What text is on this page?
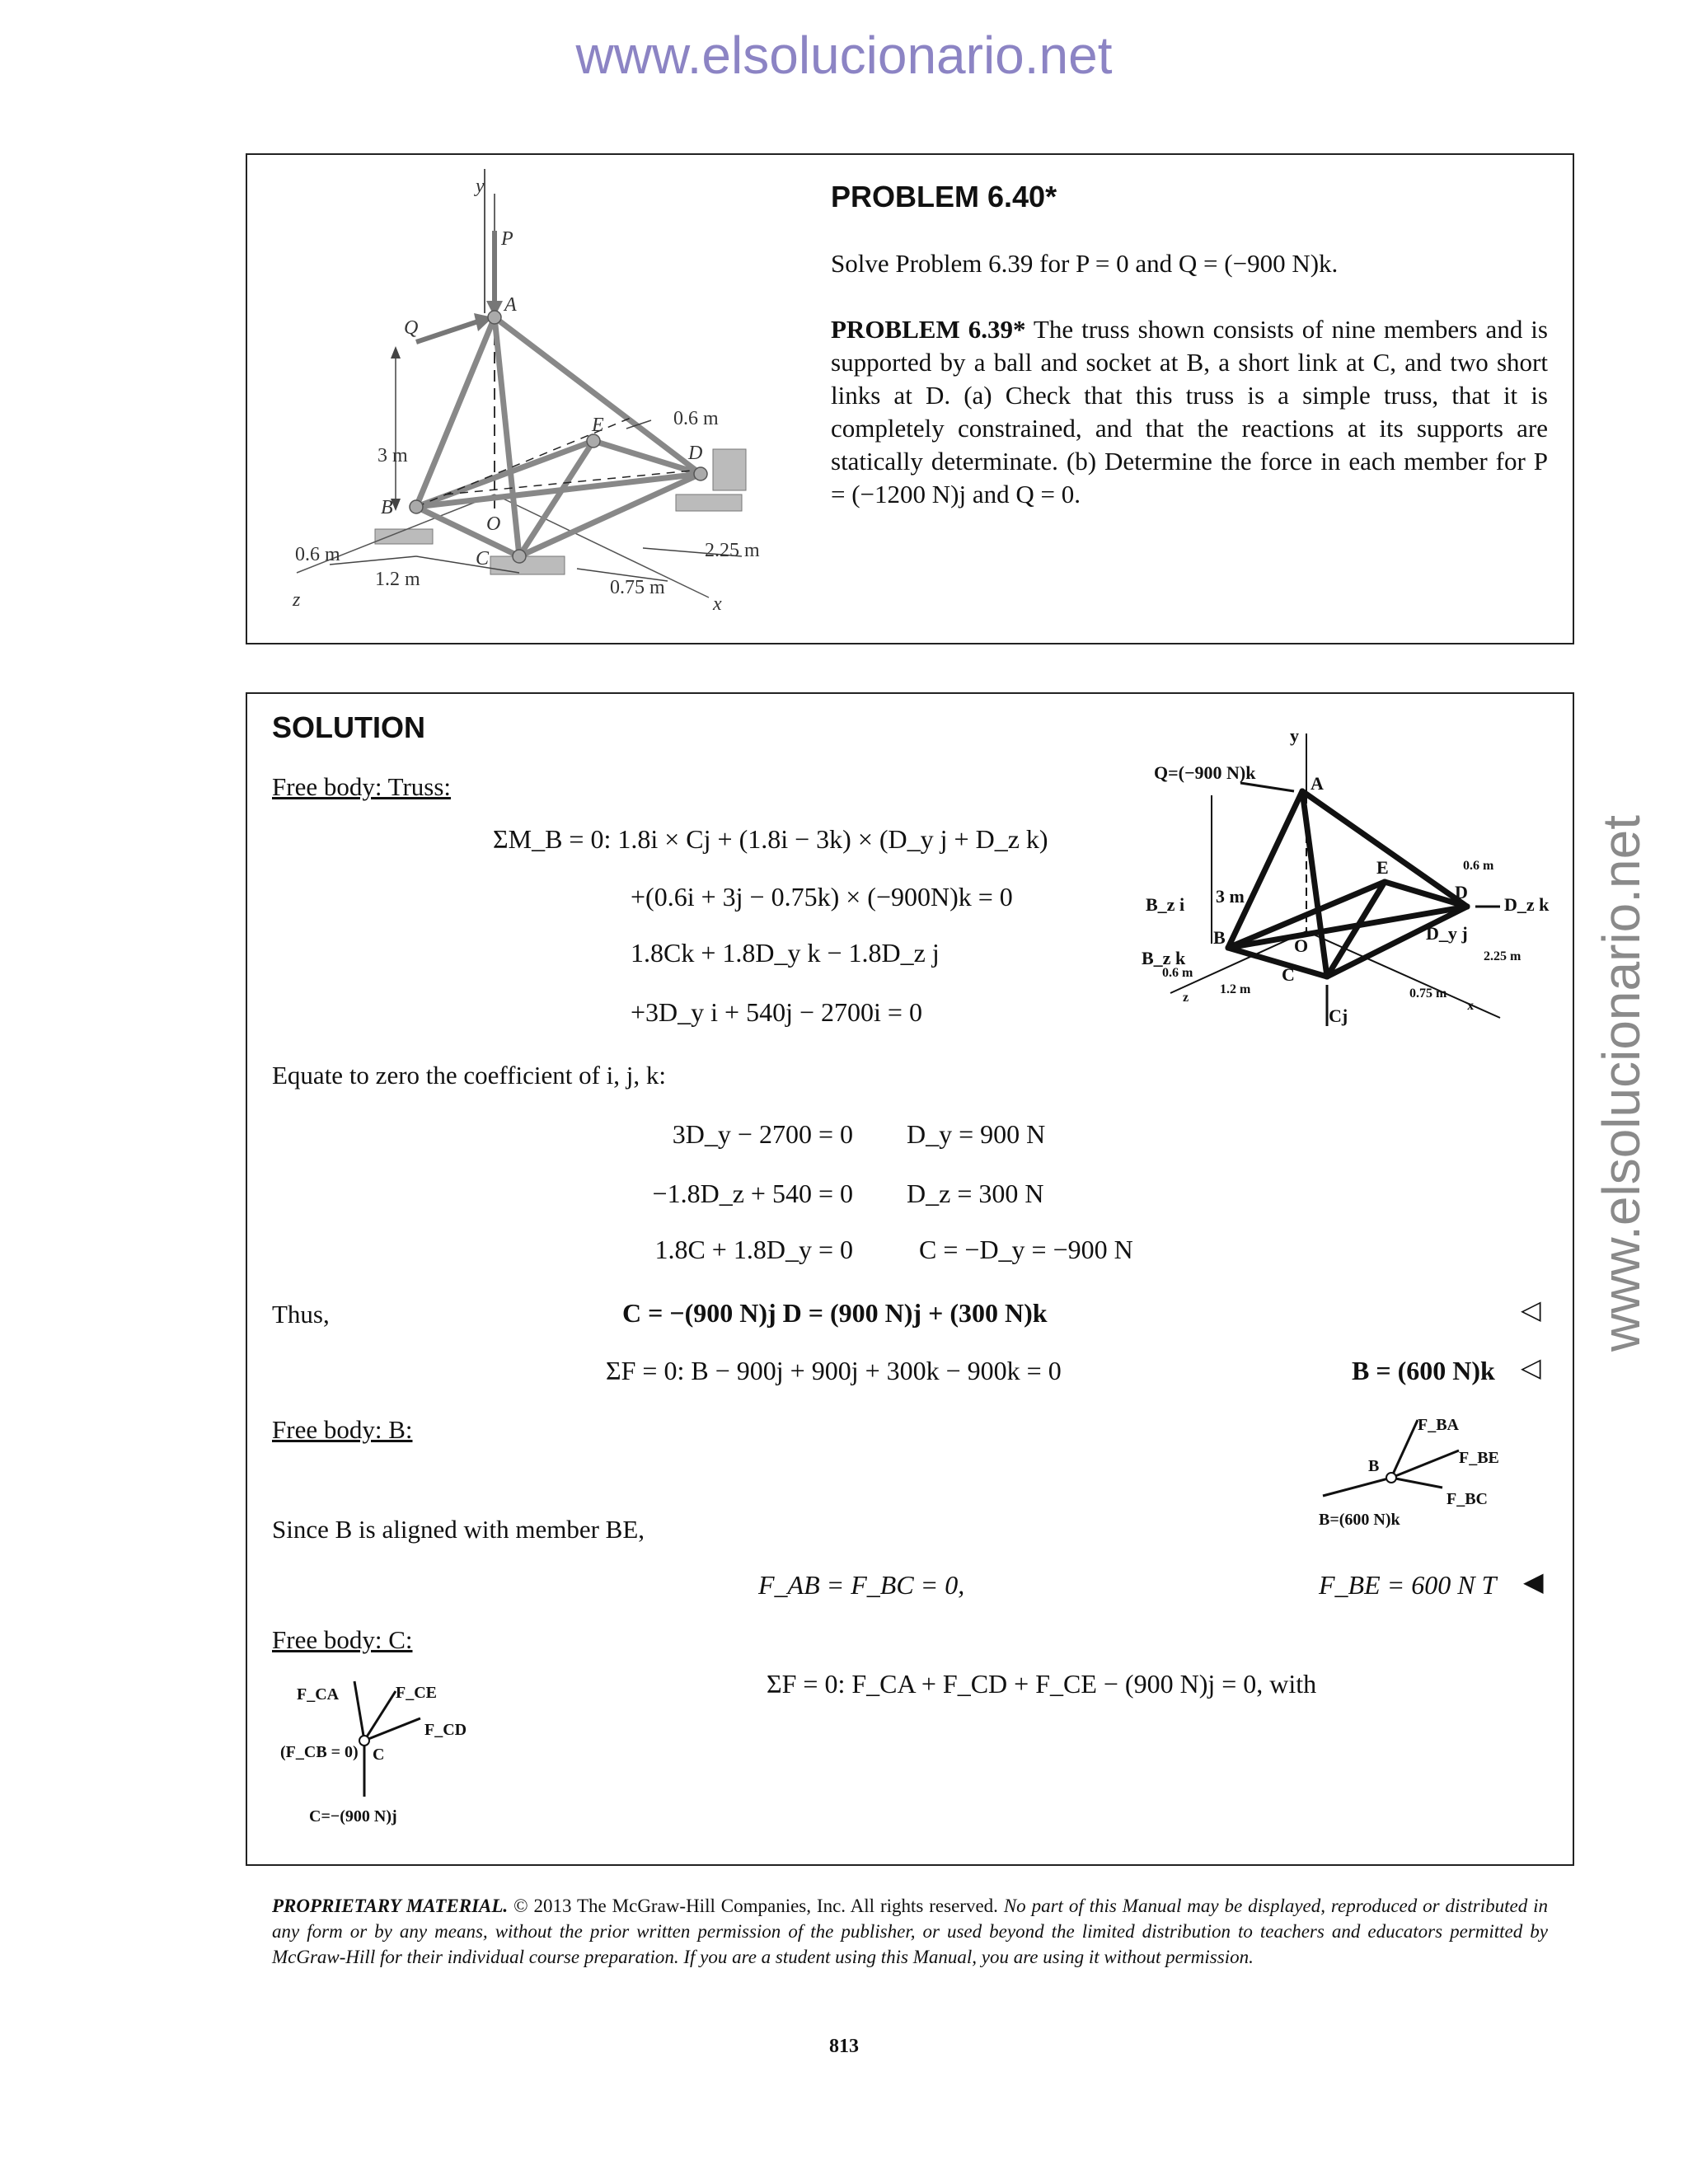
www.elsolucionario.net
www.elsolucionario.net
y
P
A
Q
E
D
B
O
C
z	x
3 m
0.6 m
0.6 m
1.2 m	0.75 m
2.25 m
PROBLEM 6.40*
Solve Problem 6.39 for P = 0 and Q = (−900 N)k.
PROBLEM 6.39* The truss shown consists of nine members and is supported by a ball and socket at B, a short link at C, and two short links at D. (a) Check that this truss is a simple truss, that it is completely constrained, and that the reactions at its supports are statically determinate. (b) Determine the force in each member for P = (−1200 N)j and Q = 0.
SOLUTION
Free body: Truss:
ΣM_B = 0: 1.8i × Cj + (1.8i − 3k) × (D_y j + D_z k)
+(0.6i + 3j − 0.75k) × (−900N)k = 0
1.8Ck + 1.8D_y k − 1.8D_z j
+3D_y i + 540j − 2700i = 0
Q=(−900 N)k
y
A
E
D
B_z i
B_z k
3 m
B	O
C
D_y j
D_z k
Cj
0.6 m
0.6 m
1.2 m
2.25 m
0.75 m
z
x
Equate to zero the coefficient of i, j, k:
3D_y − 2700 = 0 D_y = 900 N
−1.8D_z + 540 = 0 D_z = 300 N
1.8C + 1.8D_y = 0	C = −D_y = −900 N
Thus,	C = −(900 N)j D = (900 N)j + (300 N)k	◁
ΣF = 0: B − 900j + 900j + 300k − 900k = 0	B = (600 N)k ◁
Free body: B:	F_BA
F_BE
F_BC
B
B=(600 N)k
Since B is aligned with member BE,
F_AB = F_BC = 0,	F_BE = 600 N T ◀
Free body: C:
F_CA	F_CE
F_CD
(F_CB = 0) C
C=−(900 N)j
ΣF = 0: F_CA + F_CD + F_CE − (900 N)j = 0, with
PROPRIETARY MATERIAL. © 2013 The McGraw-Hill Companies, Inc. All rights reserved. No part of this Manual may be displayed, reproduced or distributed in any form or by any means, without the prior written permission of the publisher, or used beyond the limited distribution to teachers and educators permitted by McGraw-Hill for their individual course preparation. If you are a student using this Manual, you are using it without permission.
813
